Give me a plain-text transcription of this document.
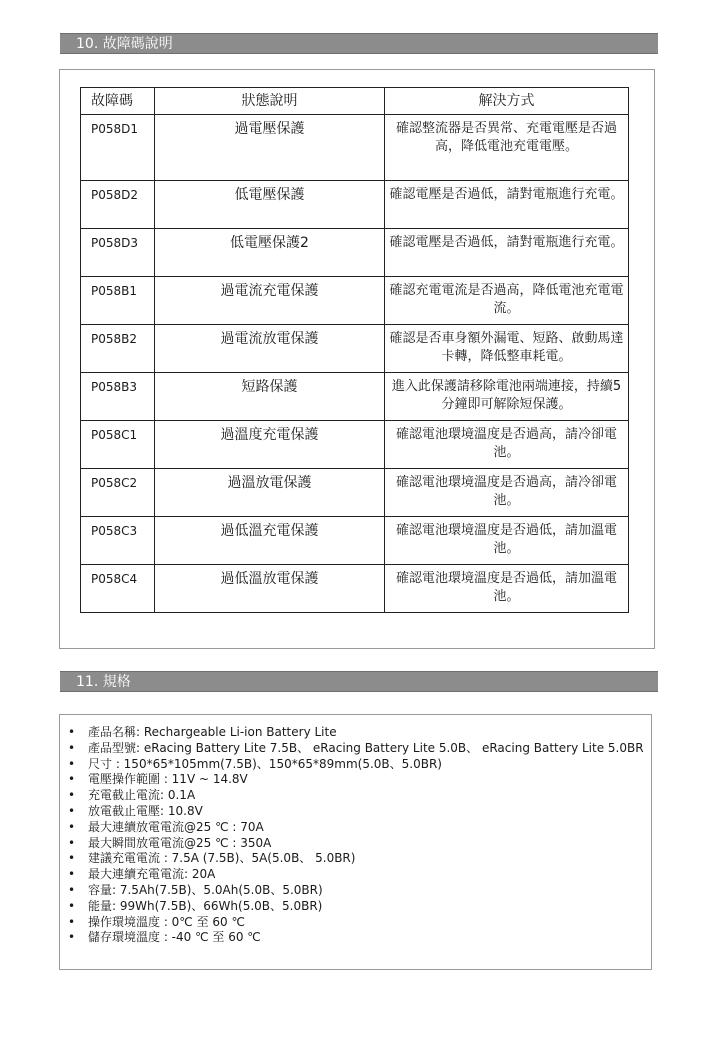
10. 故障碼說明
故障碼	狀態說明	解決方式
P058D1	過電壓保護	確認整流器是否異常、充電電壓是否過高，降低電池充電電壓。
P058D2	低電壓保護	確認電壓是否過低，請對電瓶進行充電。
P058D3	低電壓保護2	確認電壓是否過低，請對電瓶進行充電。
P058B1	過電流充電保護	確認充電電流是否過高，降低電池充電電流。
P058B2	過電流放電保護	確認是否車身額外漏電、短路、啟動馬達卡轉，降低整車耗電。
P058B3	短路保護	進入此保護請移除電池兩端連接，持續5分鐘即可解除短保護。
P058C1	過溫度充電保護	確認電池環境溫度是否過高，請冷卻電池。
P058C2	過溫放電保護	確認電池環境溫度是否過高，請冷卻電池。
P058C3	過低溫充電保護	確認電池環境溫度是否過低，請加溫電池。
P058C4	過低溫放電保護	確認電池環境溫度是否過低，請加溫電池。
11. 規格
• 產品名稱: Rechargeable Li-ion Battery Lite
• 產品型號: eRacing Battery Lite 7.5B、 eRacing Battery Lite 5.0B、 eRacing Battery Lite 5.0BR
• 尺寸 : 150*65*105mm(7.5B)、150*65*89mm(5.0B、5.0BR)
• 電壓操作範圍 : 11V ~ 14.8V
• 充電截止電流: 0.1A
• 放電截止電壓: 10.8V
• 最大連續放電電流@25 ℃ : 70A
• 最大瞬間放電電流@25 ℃ : 350A
• 建議充電電流 : 7.5A (7.5B)、5A(5.0B、 5.0BR)
• 最大連續充電電流: 20A
• 容量: 7.5Ah(7.5B)、5.0Ah(5.0B、5.0BR)
• 能量: 99Wh(7.5B)、66Wh(5.0B、5.0BR)
• 操作環境溫度 : 0℃ 至 60 ℃
• 儲存環境溫度 : -40 ℃ 至 60 ℃
